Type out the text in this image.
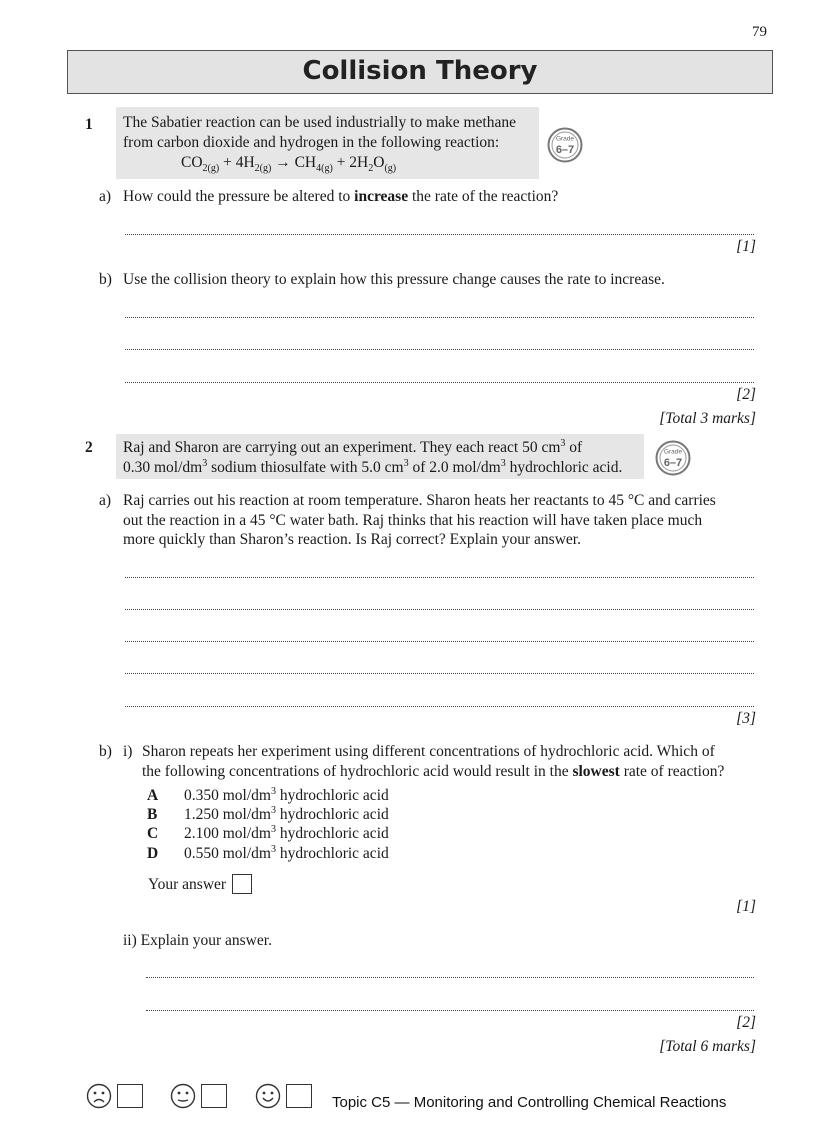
79
Collision Theory
1 The Sabatier reaction can be used industrially to make methane
from carbon dioxide and hydrogen in the following reaction:
$CO_{2(g)} + 4H_{2(g)} \to CH_{4(g)} + 2H_2O_{(g)}$
Grade
6–7
a) How could the pressure be altered to increase the rate of the reaction?
[1]
b) Use the collision theory to explain how this pressure change causes the rate to increase.
[2]
[Total 3 marks]
2 Raj and Sharon are carrying out an experiment. They each react 50 $cm^3$ of
0.30 mol/$dm^3$ sodium thiosulfate with 5.0 $cm^3$ of 2.0 mol/$dm^3$ hydrochloric acid.
Grade
6–7
a) Raj carries out his reaction at room temperature. Sharon heats her reactants to 45 °C and carries
out the reaction in a 45 °C water bath. Raj thinks that his reaction will have taken place much
more quickly than Sharon’s reaction. Is Raj correct? Explain your answer.
[3]
b) i) Sharon repeats her experiment using different concentrations of hydrochloric acid. Which of
the following concentrations of hydrochloric acid would result in the slowest rate of reaction?
A 0.350 mol/$dm^3$ hydrochloric acid
B 1.250 mol/$dm^3$ hydrochloric acid
C 2.100 mol/$dm^3$ hydrochloric acid
D 0.550 mol/$dm^3$ hydrochloric acid
Your answer
[1]
ii) Explain your answer.
[2]
[Total 6 marks]
Topic C5 — Monitoring and Controlling Chemical Reactions
